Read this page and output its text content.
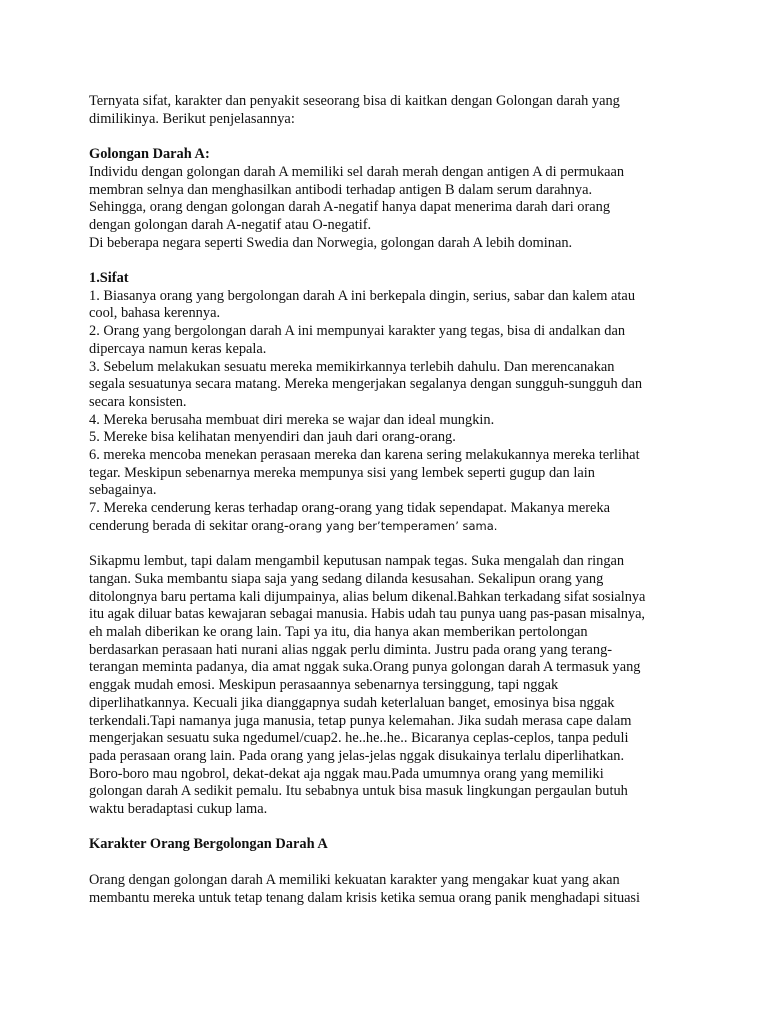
Ternyata sifat, karakter dan penyakit seseorang bisa di kaitkan dengan Golongan darah yang

dimilikinya. Berikut penjelasannya:

Golongan Darah A:

Individu dengan golongan darah A memiliki sel darah merah dengan antigen A di permukaan

membran selnya dan menghasilkan antibodi terhadap antigen B dalam serum darahnya.

Sehingga, orang dengan golongan darah A-negatif hanya dapat menerima darah dari orang

dengan golongan darah A-negatif atau O-negatif.

Di beberapa negara seperti Swedia dan Norwegia, golongan darah A lebih dominan.

1.Sifat

1. Biasanya orang yang bergolongan darah A ini berkepala dingin, serius, sabar dan kalem atau

cool, bahasa kerennya.

2. Orang yang bergolongan darah A ini mempunyai karakter yang tegas, bisa di andalkan dan

dipercaya namun keras kepala.

3. Sebelum melakukan sesuatu mereka memikirkannya terlebih dahulu. Dan merencanakan

segala sesuatunya secara matang. Mereka mengerjakan segalanya dengan sungguh-sungguh dan

secara konsisten.

4. Mereka berusaha membuat diri mereka se wajar dan ideal mungkin.

5. Mereke bisa kelihatan menyendiri dan jauh dari orang-orang.

6. mereka mencoba menekan perasaan mereka dan karena sering melakukannya mereka terlihat

tegar. Meskipun sebenarnya mereka mempunya sisi yang lembek seperti gugup dan lain

sebagainya.

7. Mereka cenderung keras terhadap orang-orang yang tidak sependapat. Makanya mereka

cenderung berada di sekitar orang-orang yang ber’temperamen’ sama.

Sikapmu lembut, tapi dalam mengambil keputusan nampak tegas. Suka mengalah dan ringan

tangan. Suka membantu siapa saja yang sedang dilanda kesusahan. Sekalipun orang yang

ditolongnya baru pertama kali dijumpainya, alias belum dikenal.Bahkan terkadang sifat sosialnya

itu agak diluar batas kewajaran sebagai manusia. Habis udah tau punya uang pas-pasan misalnya,

eh malah diberikan ke orang lain. Tapi ya itu, dia hanya akan memberikan pertolongan

berdasarkan perasaan hati nurani alias nggak perlu diminta. Justru pada orang yang terang-

terangan meminta padanya, dia amat nggak suka.Orang punya golongan darah A termasuk yang

enggak mudah emosi. Meskipun perasaannya sebenarnya tersinggung, tapi nggak

diperlihatkannya. Kecuali jika dianggapnya sudah keterlaluan banget, emosinya bisa nggak

terkendali.Tapi namanya juga manusia, tetap punya kelemahan. Jika sudah merasa cape dalam

mengerjakan sesuatu suka ngedumel/cuap2. he..he..he.. Bicaranya ceplas-ceplos, tanpa peduli

pada perasaan orang lain. Pada orang yang jelas-jelas nggak disukainya terlalu diperlihatkan.

Boro-boro mau ngobrol, dekat-dekat aja nggak mau.Pada umumnya orang yang memiliki

golongan darah A sedikit pemalu. Itu sebabnya untuk bisa masuk lingkungan pergaulan butuh

waktu beradaptasi cukup lama.

Karakter Orang Bergolongan Darah A

Orang dengan golongan darah A memiliki kekuatan karakter yang mengakar kuat yang akan

membantu mereka untuk tetap tenang dalam krisis ketika semua orang panik menghadapi situasi
